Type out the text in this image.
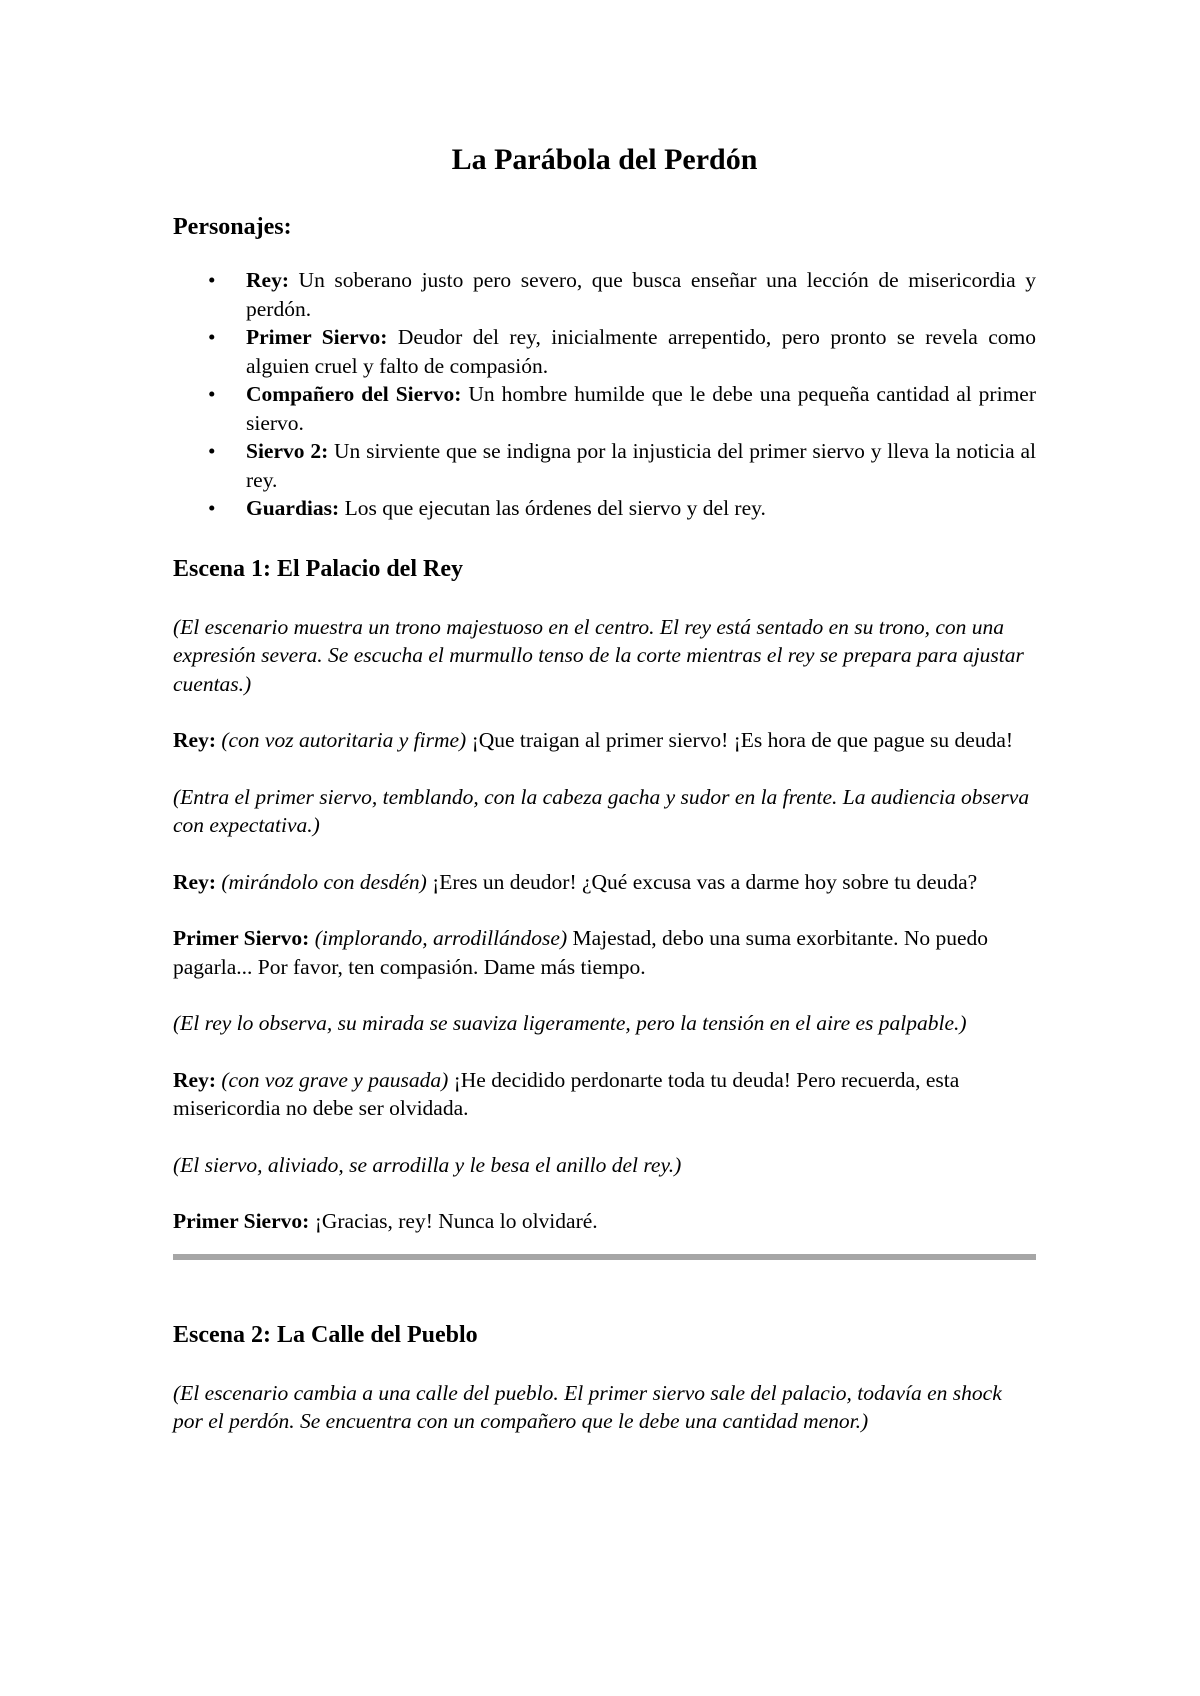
La Parábola del Perdón
Personajes:
• Rey: Un soberano justo pero severo, que busca enseñar una lección de misericordia y perdón.
• Primer Siervo: Deudor del rey, inicialmente arrepentido, pero pronto se revela como alguien cruel y falto de compasión.
• Compañero del Siervo: Un hombre humilde que le debe una pequeña cantidad al primer siervo.
• Siervo 2: Un sirviente que se indigna por la injusticia del primer siervo y lleva la noticia al rey.
• Guardias: Los que ejecutan las órdenes del siervo y del rey.
Escena 1: El Palacio del Rey

(El escenario muestra un trono majestuoso en el centro. El rey está sentado en su trono, con una expresión severa. Se escucha el murmullo tenso de la corte mientras el rey se prepara para ajustar cuentas.)

Rey: (con voz autoritaria y firme) ¡Que traigan al primer siervo! ¡Es hora de que pague su deuda!

(Entra el primer siervo, temblando, con la cabeza gacha y sudor en la frente. La audiencia observa con expectativa.)

Rey: (mirándolo con desdén) ¡Eres un deudor! ¿Qué excusa vas a darme hoy sobre tu deuda?

Primer Siervo: (implorando, arrodillándose) Majestad, debo una suma exorbitante. No puedo pagarla... Por favor, ten compasión. Dame más tiempo.

(El rey lo observa, su mirada se suaviza ligeramente, pero la tensión en el aire es palpable.)

Rey: (con voz grave y pausada) ¡He decidido perdonarte toda tu deuda! Pero recuerda, esta misericordia no debe ser olvidada.

(El siervo, aliviado, se arrodilla y le besa el anillo del rey.)

Primer Siervo: ¡Gracias, rey! Nunca lo olvidaré.

Escena 2: La Calle del Pueblo

(El escenario cambia a una calle del pueblo. El primer siervo sale del palacio, todavía en shock por el perdón. Se encuentra con un compañero que le debe una cantidad menor.)
